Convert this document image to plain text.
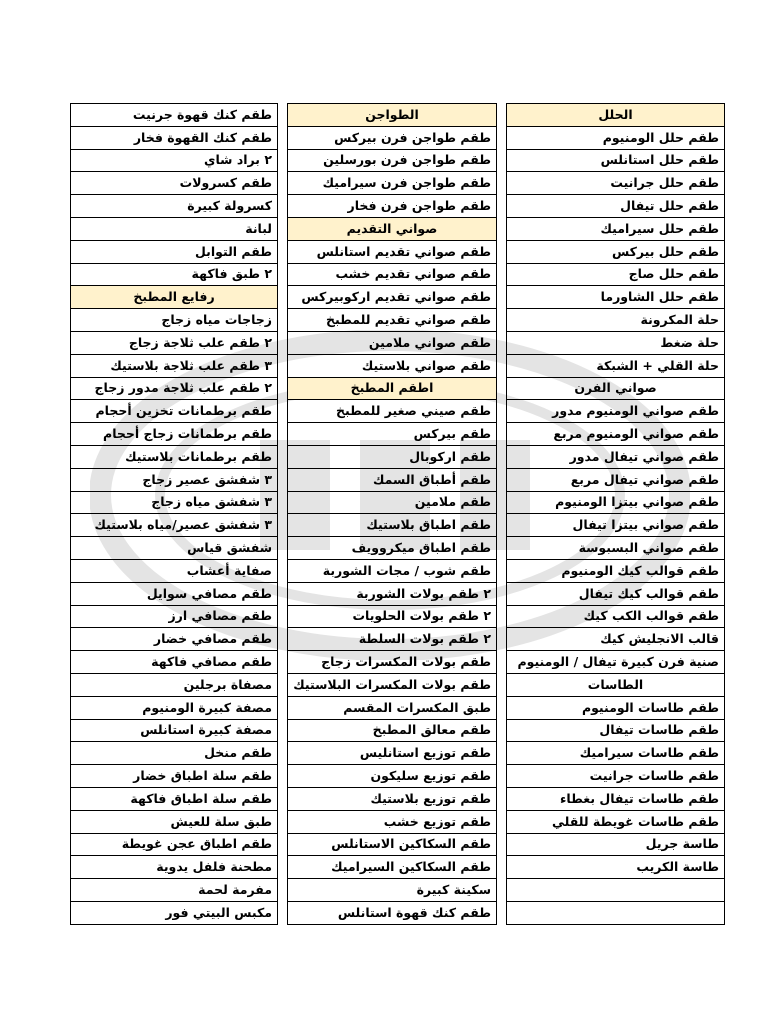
طقم كنك قهوة جرنيت		الطواجن		الحلل
طقم كنك القهوة فخار		طقم طواجن فرن بيركس		طقم حلل الومنيوم
٢ براد شاي		طقم طواجن فرن بورسلين		طقم حلل استانلس
طقم كسرولات		طقم طواجن فرن سيراميك		طقم حلل جرانيت
كسرولة كبيرة		طقم طواجن فرن فخار		طقم حلل تيفال
لبانة		صواني التقديم		طقم حلل سيراميك
طقم التوابل		طقم صواني تقديم استانلس		طقم حلل بيركس
٢ طبق فاكهة		طقم صواني تقديم خشب		طقم حلل صاج
رفايع المطبخ		طقم صواني تقديم اركوبيركس		طقم حلل الشاورما
زجاجات مياه زجاج		طقم صواني تقديم للمطبخ		حلة المكرونة
٢ طقم علب ثلاجة زجاج		طقم صواني ملامين		حلة ضغط
٣ طقم علب ثلاجة بلاستيك		طقم صواني بلاستيك		حلة القلي + الشبكة
٢ طقم علب ثلاجة مدور زجاج		اطقم المطبخ		صواني الفرن
طقم برطمانات تخزين أحجام		طقم صيني صغير للمطبخ		طقم صواني الومنيوم مدور
طقم برطمانات زجاج أحجام		طقم بيركس		طقم صواني الومنيوم مربع
طقم برطمانات بلاستيك		طقم اركوبال		طقم صواني تيفال مدور
٣ شفشق عصير زجاج		طقم أطباق السمك		طقم صواني تيفال مربع
٣ شفشق مياه زجاج		طقم ملامين		طقم صواني بيتزا الومنيوم
٣ شفشق عصير/مياه بلاستيك		طقم اطباق بلاستيك		طقم صواني بيتزا تيفال
شفشق قياس		طقم اطباق ميكروويف		طقم صواني البسبوسة
صفاية أعشاب		طقم شوب / مجات الشوربة		طقم قوالب كيك الومنيوم
طقم مصافي سوايل		٢ طقم بولات الشوربة		طقم قوالب كيك تيفال
طقم مصافي ارز		٢ طقم بولات الحلويات		طقم قوالب الكب كيك
طقم مصافي خضار		٢ طقم بولات السلطة		قالب الانجليش كيك
طقم مصافي فاكهة		طقم بولات المكسرات زجاج		صنية فرن كبيرة تيفال / الومنيوم
مصفاة برجلين		طقم بولات المكسرات البلاستيك		الطاسات
مصفة كبيرة الومنيوم		طبق المكسرات المقسم		طقم طاسات الومنيوم
مصفة كبيرة استانلس		طقم معالق المطبخ		طقم طاسات تيفال
طقم منخل		طقم توزيع استانليس		طقم طاسات سيراميك
طقم سلة اطباق خضار		طقم توزيع سليكون		طقم طاسات جرانيت
طقم سلة اطباق فاكهة		طقم توزيع بلاستيك		طقم طاسات تيفال بغطاء
طبق سلة للعيش		طقم توزيع خشب		طقم طاسات غويطة للقلي
طقم اطباق عجن غويطة		طقم السكاكين الاستانلس		طاسة جريل
مطحنة فلفل يدوية		طقم السكاكين السيراميك		طاسة الكريب
مفرمة لحمة		سكينة كبيرة		
مكبس البيتي فور		طقم كنك قهوة استانلس		
